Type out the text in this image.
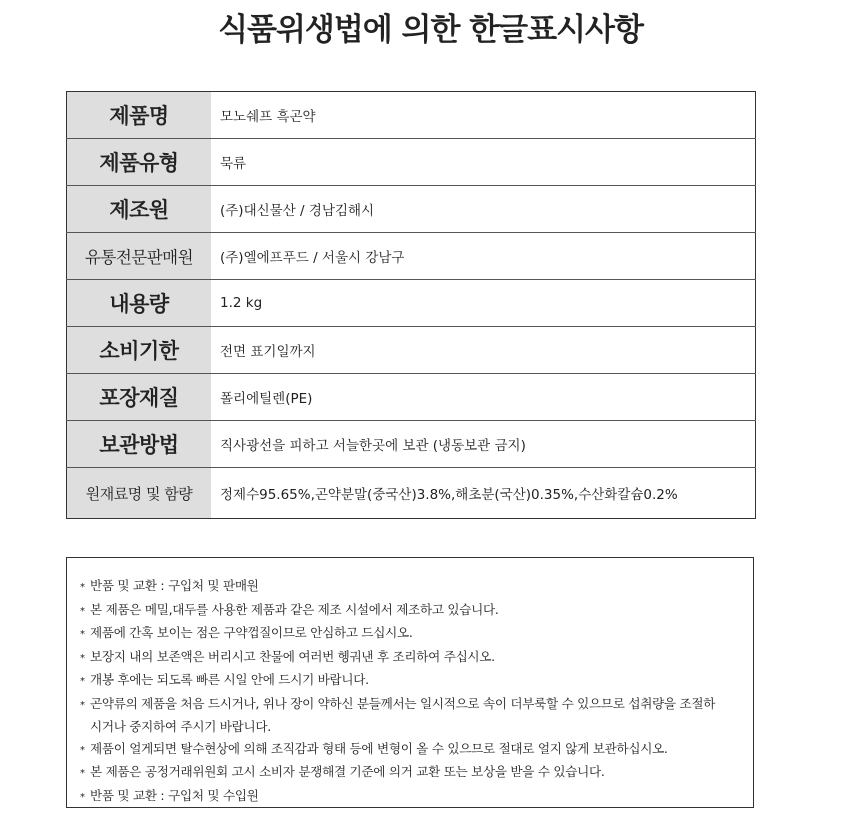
식품위생법에 의한 한글표시사항
제품명	모노쉐프 흑곤약
제품유형	묵류
제조원	(주)대신물산 / 경남김해시
유통전문판매원	(주)엘에프푸드 / 서울시 강남구
내용량	1.2 kg
소비기한	전면 표기일까지
포장재질	폴리에틸렌(PE)
보관방법	직사광선을 피하고 서늘한곳에 보관 (냉동보관 금지)
원재료명 및 함량	정제수95.65%,곤약분말(중국산)3.8%,해초분(국산)0.35%,수산화칼슘0.2%
* 반품 및 교환 : 구입처 및 판매원
* 본 제품은 메밀,대두를 사용한 제품과 같은 제조 시설에서 제조하고 있습니다.
* 제품에 간혹 보이는 점은 구약껍질이므로 안심하고 드십시오.
* 보장지 내의 보존액은 버리시고 찬물에 여러번 헹궈낸 후 조리하여 주십시오.
* 개봉 후에는 되도록 빠른 시일 안에 드시기 바랍니다.
* 곤약류의 제품을 처음 드시거나, 위나 장이 약하신 분들께서는 일시적으로 속이 더부룩할 수 있으므로 섭취량을 조절하
시거나 중지하여 주시기 바랍니다.
* 제품이 얼게되면 탈수현상에 의해 조직감과 형태 등에 변형이 올 수 있으므로 절대로 얼지 않게 보관하십시오.
* 본 제품은 공정거래위원회 고시 소비자 분쟁해결 기준에 의거 교환 또는 보상을 받을 수 있습니다.
* 반품 및 교환 : 구입처 및 수입원
